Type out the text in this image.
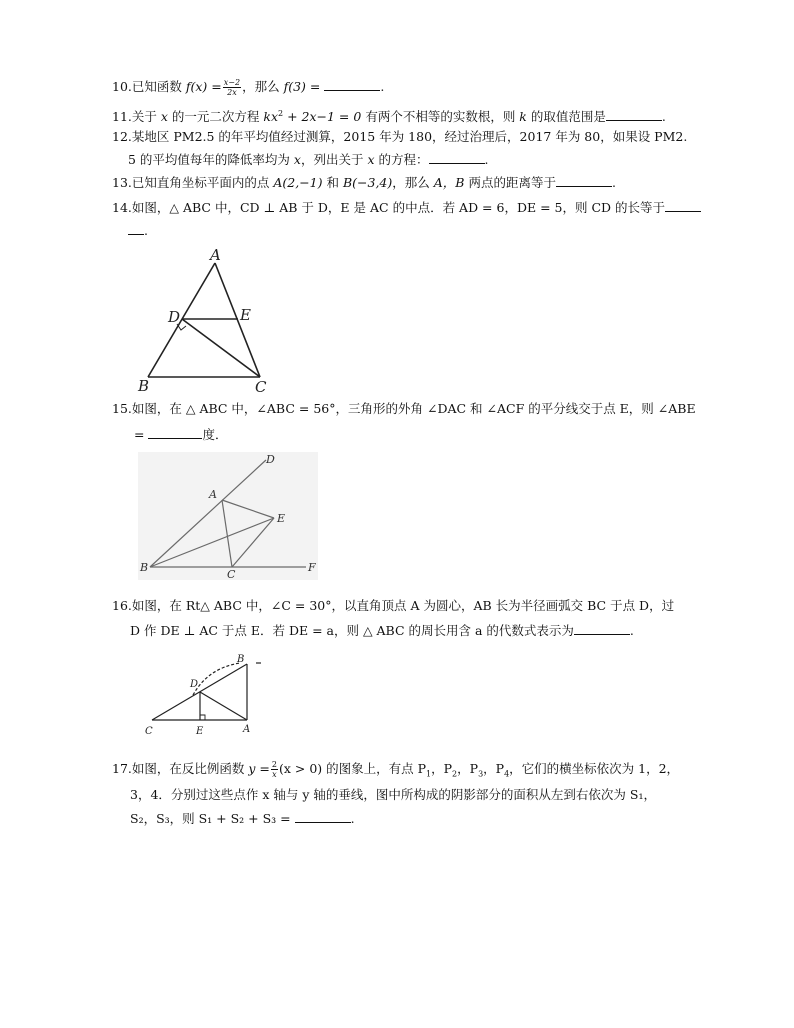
10.已知函数 $f(x) = \frac{x-2}{2x}$ ，那么 f(3) =	.
11.关于 x 的一元二次方程 $kx^2 + 2x-1 = 0$ 有两个不相等的实数根，则 k 的取值范围是	.
12.某地区 PM2.5 的年平均值经过测算，2015 年为 180，经过治理后，2017 年为 80，如果设 PM2.
5 的平均值每年的降低率均为 x，列出关于 x 的方程：	.
13.已知直角坐标平面内的点 A(2,−1) 和 B(−3,4)，那么 A，B 两点的距离等于	.
14.如图，△ ABC 中，CD ⊥ AB 于 D，E 是 AC 的中点．若 AD = 6，DE = 5，则 CD 的长等于
.
A
D	E
B	C
15.如图，在 △ ABC 中，∠ABC = 56°，三角形的外角 ∠DAC 和 ∠ACF 的平分线交于点 E，则 ∠ABE
=	度．
D
A
E
B
C
F
16.如图，在 Rt△ ABC 中，∠C = 30°，以直角顶点 A 为圆心，AB 长为半径画弧交 BC 于点 D，过
D 作 DE ⊥ AC 于点 E．若 DE = a，则 △ ABC 的周长用含 a 的代数式表示为	.
B
D
C	E	A
17.如图，在反比例函数 $y = \frac{2}{x} (x > 0)$ 的图象上，有点 $P_1$，$P_2$，$P_3$，$P_4$，它们的横坐标依次为 1，2，
3，4．分别过这些点作 x 轴与 y 轴的垂线，图中所构成的阴影部分的面积从左到右依次为 S₁，
S₂，S₃，则 S₁ + S₂ + S₃ =	.
